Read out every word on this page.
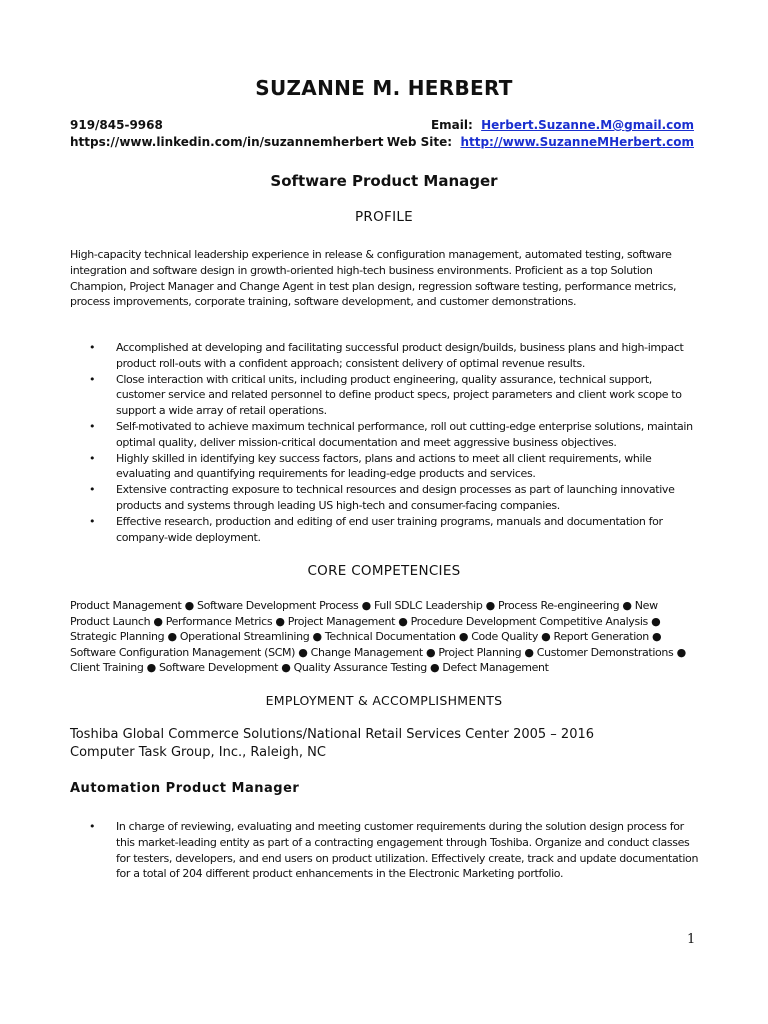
SUZANNE M. HERBERT
919/845-9968	Email: Herbert.Suzanne.M@gmail.com
https://www.linkedin.com/in/suzannemherbert Web Site: http://www.SuzanneMHerbert.com
Software Product Manager
PROFILE
High-capacity technical leadership experience in release & configuration management, automated testing, software integration and software design in growth-oriented high-tech business environments. Proficient as a top Solution Champion, Project Manager and Change Agent in test plan design, regression software testing, performance metrics, process improvements, corporate training, software development, and customer demonstrations.
• Accomplished at developing and facilitating successful product design/builds, business plans and high-impact product roll-outs with a confident approach; consistent delivery of optimal revenue results.
• Close interaction with critical units, including product engineering, quality assurance, technical support, customer service and related personnel to define product specs, project parameters and client work scope to support a wide array of retail operations.
• Self-motivated to achieve maximum technical performance, roll out cutting-edge enterprise solutions, maintain optimal quality, deliver mission-critical documentation and meet aggressive business objectives.
• Highly skilled in identifying key success factors, plans and actions to meet all client requirements, while evaluating and quantifying requirements for leading-edge products and services.
• Extensive contracting exposure to technical resources and design processes as part of launching innovative products and systems through leading US high-tech and consumer-facing companies.
• Effective research, production and editing of end user training programs, manuals and documentation for company-wide deployment.
CORE COMPETENCIES
Product Management ● Software Development Process ● Full SDLC Leadership ● Process Re-engineering ● New Product Launch ● Performance Metrics ● Project Management ● Procedure Development Competitive Analysis ● Strategic Planning ● Operational Streamlining ● Technical Documentation ● Code Quality ● Report Generation ● Software Configuration Management (SCM) ● Change Management ● Project Planning ● Customer Demonstrations ● Client Training ● Software Development ● Quality Assurance Testing ● Defect Management
EMPLOYMENT & ACCOMPLISHMENTS
Toshiba Global Commerce Solutions/National Retail Services Center 2005 – 2016
Computer Task Group, Inc., Raleigh, NC
Automation Product Manager
• In charge of reviewing, evaluating and meeting customer requirements during the solution design process for this market-leading entity as part of a contracting engagement through Toshiba. Organize and conduct classes for testers, developers, and end users on product utilization. Effectively create, track and update documentation for a total of 204 different product enhancements in the Electronic Marketing portfolio.
1
